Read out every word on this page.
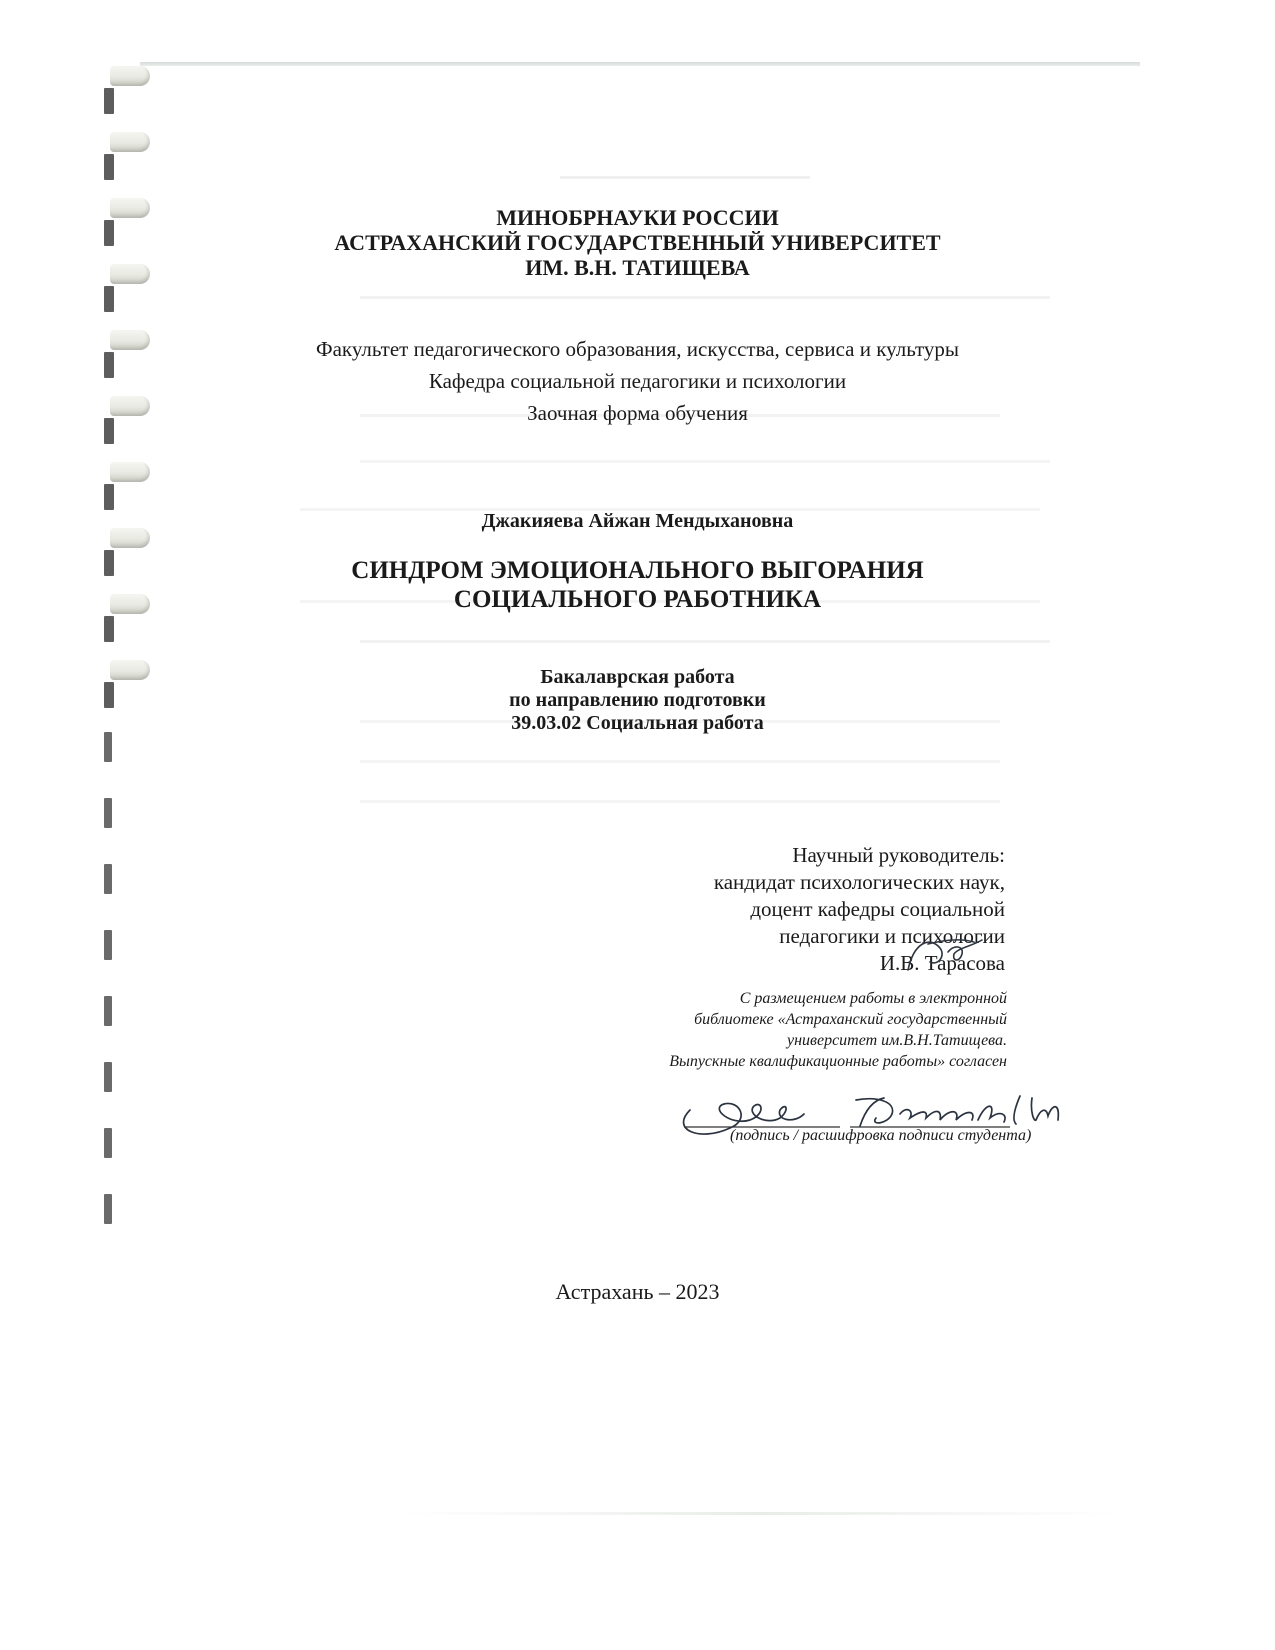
МИНОБРНАУКИ РОССИИ
АСТРАХАНСКИЙ ГОСУДАРСТВЕННЫЙ УНИВЕРСИТЕТ
ИМ. В.Н. ТАТИЩЕВА
Факультет педагогического образования, искусства, сервиса и культуры
Кафедра социальной педагогики и психологии
Заочная форма обучения
Джакияева Айжан Мендыхановна
СИНДРОМ ЭМОЦИОНАЛЬНОГО ВЫГОРАНИЯ
СОЦИАЛЬНОГО РАБОТНИКА
Бакалаврская работа
по направлению подготовки
39.03.02 Социальная работа
Научный руководитель:
кандидат психологических наук,
доцент кафедры социальной
педагогики и психологии
И.В. Тарасова
С размещением работы в электронной
библиотеке «Астраханский государственный
университет им.В.Н.Татищева.
Выпускные квалификационные работы» согласен
(подпись / расшифровка подписи студента)
Астрахань – 2023
